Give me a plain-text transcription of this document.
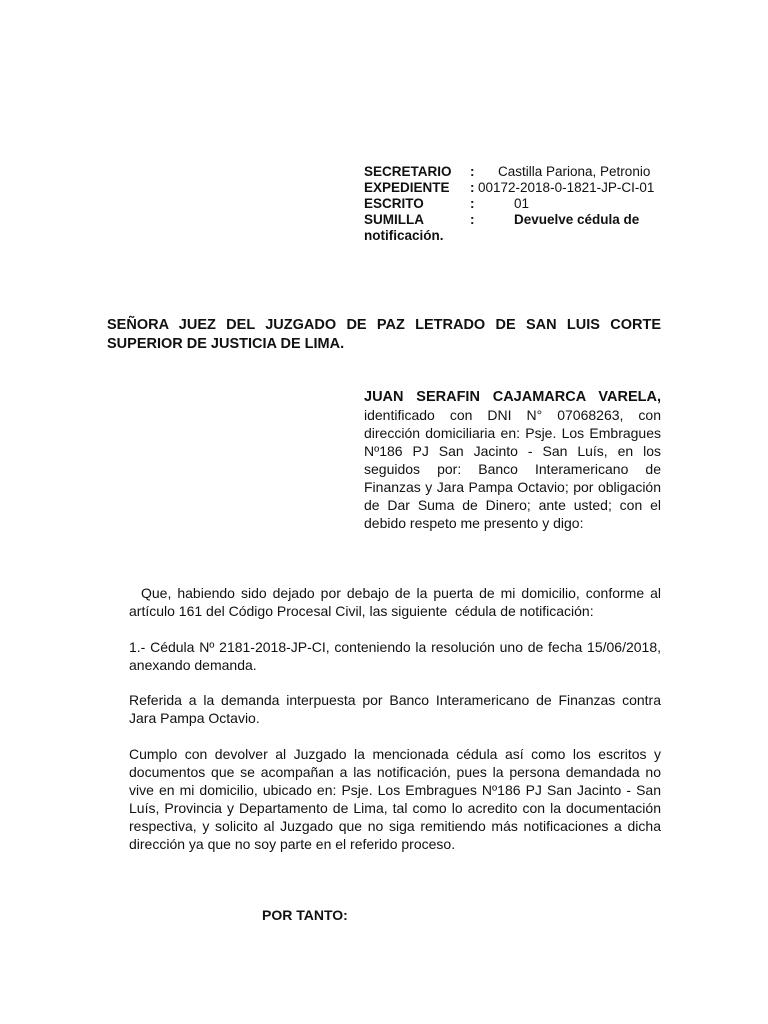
SECRETARIO	:	Castilla Pariona, Petronio
EXPEDIENTE	: 00172-2018-0-1821-JP-CI-01
ESCRITO	:	01
SUMILLA	:	Devuelve cédula de
notificación.
SEÑORA JUEZ DEL JUZGADO DE PAZ LETRADO DE SAN LUIS CORTE SUPERIOR DE JUSTICIA DE LIMA.
JUAN SERAFIN CAJAMARCA VARELA,
identificado con DNI N° 07068263, con dirección domiciliaria en: Psje. Los Embragues Nº186 PJ San Jacinto - San Luís, en los seguidos por: Banco Interamericano de Finanzas y Jara Pampa Octavio; por obligación de Dar Suma de Dinero; ante usted; con el debido respeto me presento y digo:
Que, habiendo sido dejado por debajo de la puerta de mi domicilio, conforme al artículo 161 del Código Procesal Civil, las siguiente  cédula de notificación:
1.- Cédula Nº 2181-2018-JP-CI, conteniendo la resolución uno de fecha 15/06/2018, anexando demanda.
Referida a la demanda interpuesta por Banco Interamericano de Finanzas contra Jara Pampa Octavio.
Cumplo con devolver al Juzgado la mencionada cédula así como los escritos y documentos que se acompañan a las notificación, pues la persona demandada no vive en mi domicilio, ubicado en: Psje. Los Embragues Nº186 PJ San Jacinto - San Luís, Provincia y Departamento de Lima, tal como lo acredito con la documentación respectiva, y solicito al Juzgado que no siga remitiendo más notificaciones a dicha dirección ya que no soy parte en el referido proceso.
POR TANTO:
